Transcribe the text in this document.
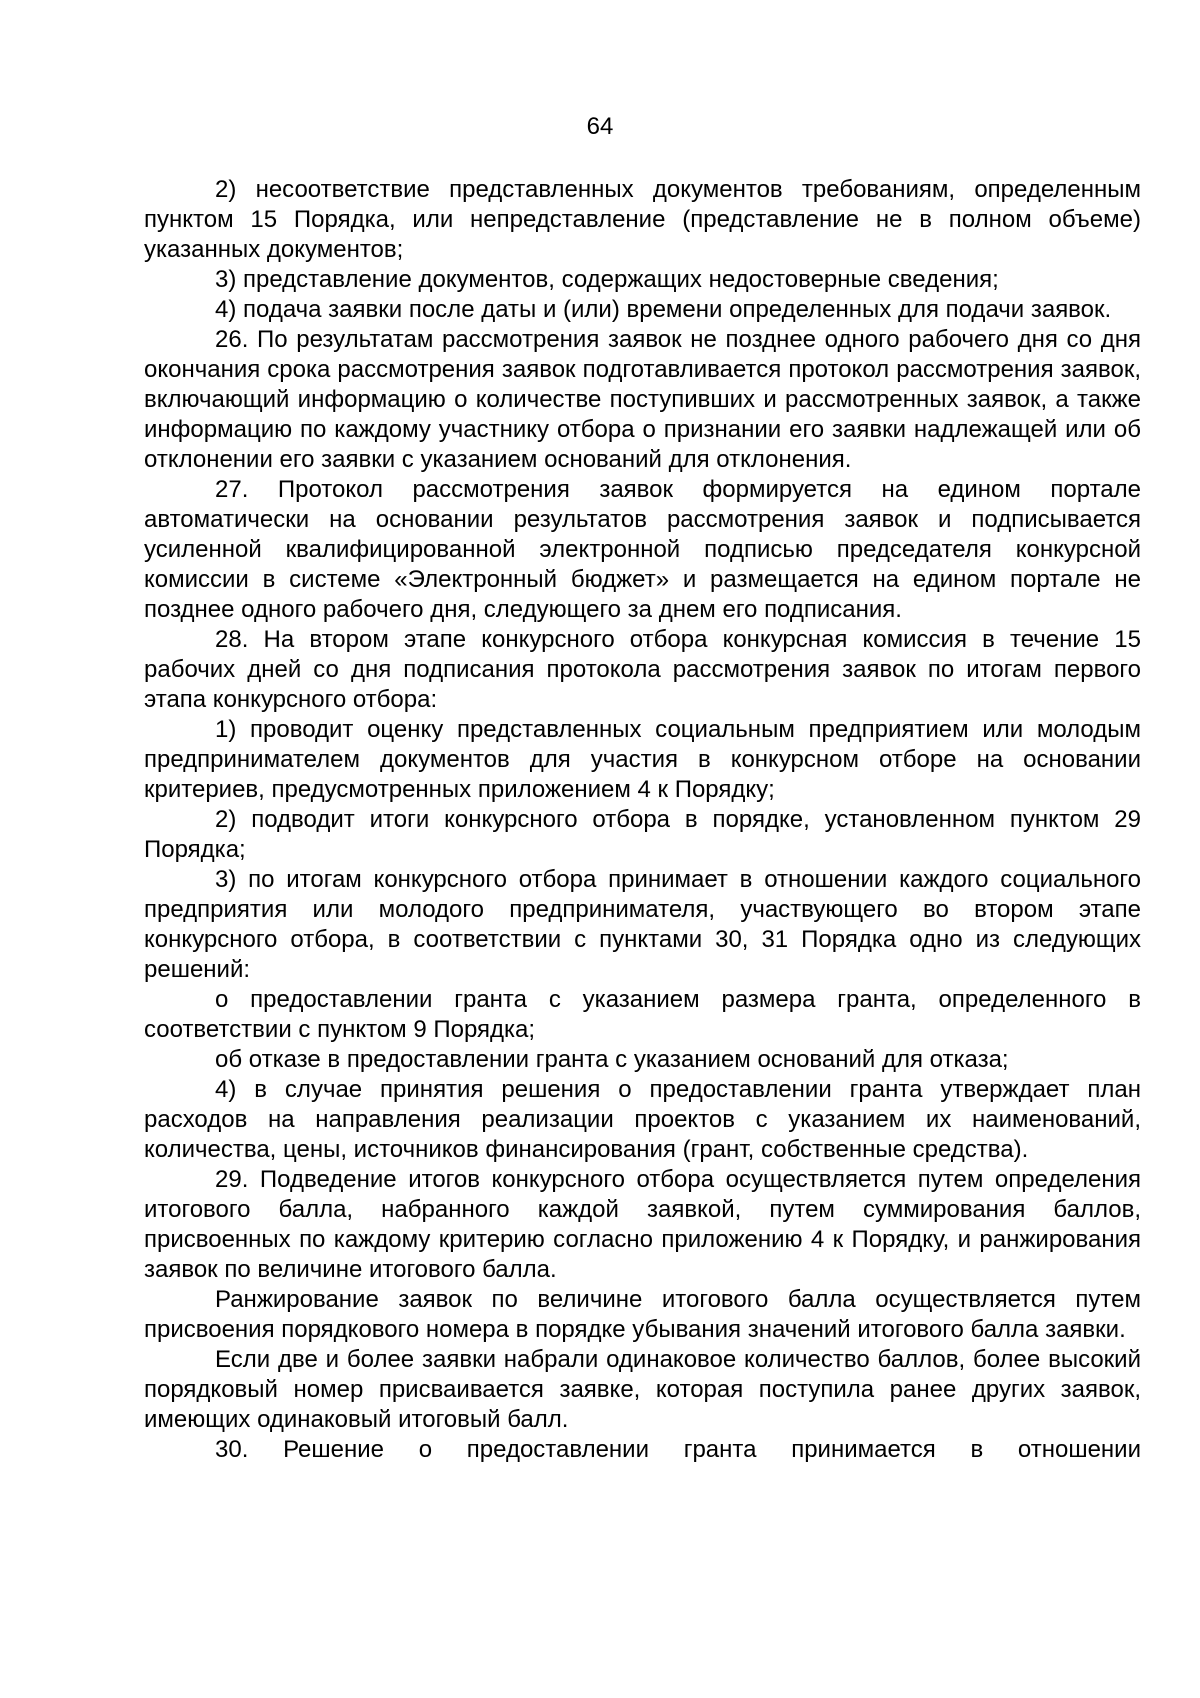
64

2) несоответствие представленных документов требованиям, определенным пунктом 15 Порядка, или непредставление (представление не в полном объеме) указанных документов;

3) представление документов, содержащих недостоверные сведения;

4) подача заявки после даты и (или) времени определенных для подачи заявок.

26. По результатам рассмотрения заявок не позднее одного рабочего дня со дня окончания срока рассмотрения заявок подготавливается протокол рассмотрения заявок, включающий информацию о количестве поступивших и рассмотренных заявок, а также информацию по каждому участнику отбора о признании его заявки надлежащей или об отклонении его заявки с указанием оснований для отклонения.

27. Протокол рассмотрения заявок формируется на едином портале автоматически на основании результатов рассмотрения заявок и подписывается усиленной квалифицированной электронной подписью председателя конкурсной комиссии в системе «Электронный бюджет» и размещается на едином портале не позднее одного рабочего дня, следующего за днем его подписания.

28. На втором этапе конкурсного отбора конкурсная комиссия в течение 15 рабочих дней со дня подписания протокола рассмотрения заявок по итогам первого этапа конкурсного отбора:

1) проводит оценку представленных социальным предприятием или молодым предпринимателем документов для участия в конкурсном отборе на основании критериев, предусмотренных приложением 4 к Порядку;

2) подводит итоги конкурсного отбора в порядке, установленном пунктом 29 Порядка;

3) по итогам конкурсного отбора принимает в отношении каждого социального предприятия или молодого предпринимателя, участвующего во втором этапе конкурсного отбора, в соответствии с пунктами 30, 31 Порядка одно из следующих решений:

о предоставлении гранта с указанием размера гранта, определенного в соответствии с пунктом 9 Порядка;

об отказе в предоставлении гранта с указанием оснований для отказа;

4) в случае принятия решения о предоставлении гранта утверждает план расходов на направления реализации проектов с указанием их наименований, количества, цены, источников финансирования (грант, собственные средства).

29. Подведение итогов конкурсного отбора осуществляется путем определения итогового балла, набранного каждой заявкой, путем суммирования баллов, присвоенных по каждому критерию согласно приложению 4 к Порядку, и ранжирования заявок по величине итогового балла.

Ранжирование заявок по величине итогового балла осуществляется путем присвоения порядкового номера в порядке убывания значений итогового балла заявки.

Если две и более заявки набрали одинаковое количество баллов, более высокий порядковый номер присваивается заявке, которая поступила ранее других заявок, имеющих одинаковый итоговый балл.

30. Решение о предоставлении гранта принимается в отношении
